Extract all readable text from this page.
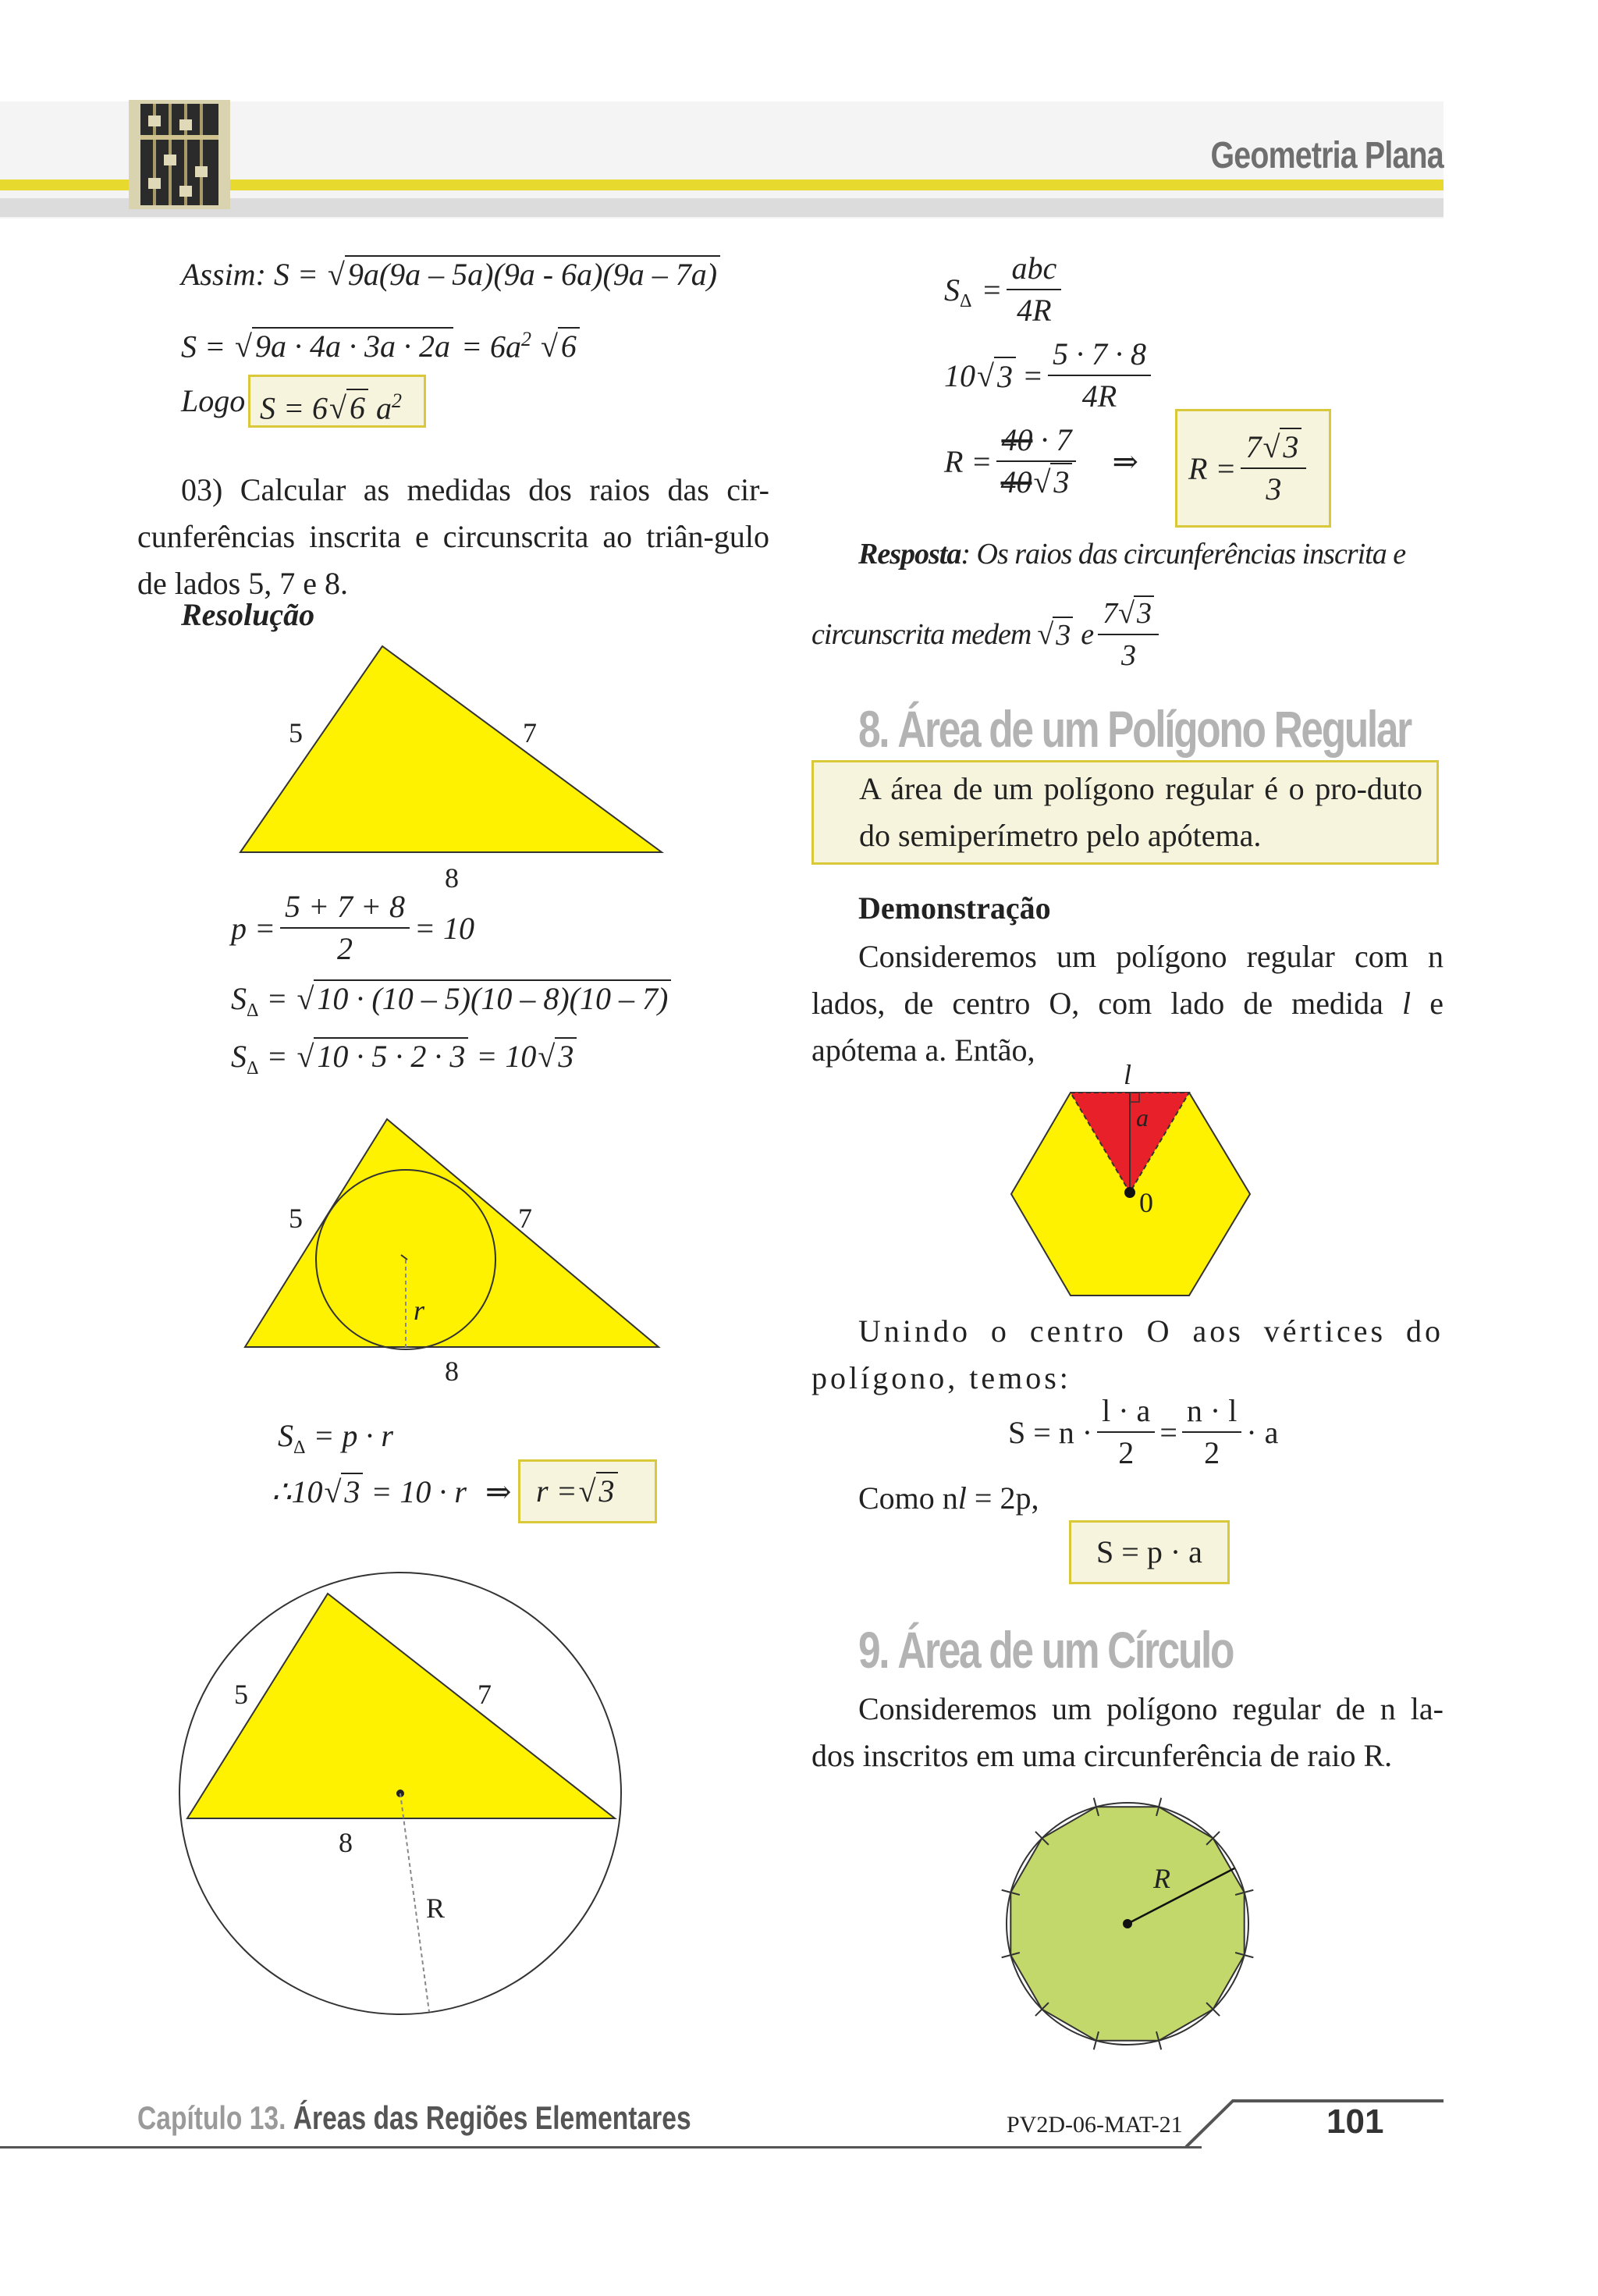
Geometria Plana
Assim: S = √ 9a(9a – 5a)(9a - 6a)(9a – 7a)
S = √ $9a \cdot 4a \cdot 3a \cdot 2a = 6a^2$ √ 6
Logo S = 6√ 6 $a^2$
03) Calcular as medidas dos raios das cir-cunferências inscrita e circunscrita ao triân-gulo de lados 5, 7 e 8.
Resolução
5	7
8
$p = \frac{5 + 7 + 8}{2} = 10$
$S_\Delta$ = √ 10 · (10 – 5)(10 – 8)(10 – 7)
$S_\Delta$ = √ 10 · 5 · 2 · 3 = 10√ 3
5	7
r
8
$S_\Delta = p \cdot r$
∴10√ 3 = 10 · r ⇒ r =√ 3
5	7
8
R
$S_\Delta = \frac{\text{abc}}{4R}$
10 √ $3 = \frac{5 \cdot 7 \cdot 8}{4R}$
$R = \frac{40 \cdot 7}{40√ 3}$ ⇒ $R = \frac{7√ 3}{3}$
Resposta: Os raios das circunferências inscrita e
circunscrita medem √ 3 e $\frac{7√ 3}{3}$
8. Área de um Polígono Regular
A área de um polígono regular é o pro-duto do semiperímetro pelo apótema.
Demonstração
Consideremos um polígono regular com n lados, de centro O, com lado de medida l e apótema a. Então,
l
a
0
Unindo o centro O aos vértices do polígono, temos:
$S = n \cdot \frac{l \cdot a}{2} = \frac{n \cdot l}{2} \cdot a$
Como nl = 2p,
S = p · a
9. Área de um Círculo
Consideremos um polígono regular de n la-dos inscritos em uma circunferência de raio R.
R
Capítulo 13. Áreas das Regiões Elementares	PV2D-06-MAT-21	101
